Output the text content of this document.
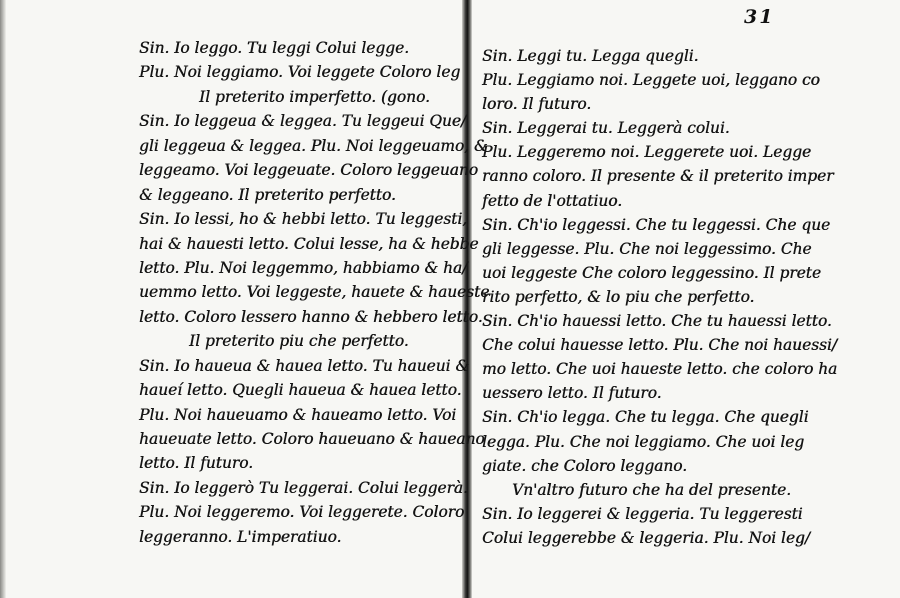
31
Sin. Io leggo. Tu leggi Colui legge.
Plu. Noi leggiamo. Voi leggete Coloro leg
Il preterito imperfetto. (gono.
Sin. Io leggeua & leggea. Tu leggeui Que/
gli leggeua & leggea. Plu. Noi leggeuamo, &
leggeamo. Voi leggeuate. Coloro leggeuano
& leggeano. Il preterito perfetto.
Sin. Io lessi, ho & hebbi letto. Tu leggesti,
hai & hauesti letto. Colui lesse, ha & hebbe
letto. Plu. Noi leggemmo, habbiamo & ha/
uemmo letto. Voi leggeste, hauete & haueste
letto. Coloro lessero hanno & hebbero letto.
Il preterito piu che perfetto.
Sin. Io haueua & hauea letto. Tu haueui &
haueí letto. Quegli haueua & hauea letto.
Plu. Noi haueuamo & haueamo letto. Voi
haueuate letto. Coloro haueuano & haueano
letto. Il futuro.
Sin. Io leggerò Tu leggerai. Colui leggerà.
Plu. Noi leggeremo. Voi leggerete. Coloro
leggeranno. L'imperatiuo.
Sin. Leggi tu. Legga quegli.
Plu. Leggiamo noi. Leggete uoi, leggano co
loro. Il futuro.
Sin. Leggerai tu. Leggerà colui.
Plu. Leggeremo noi. Leggerete uoi. Legge
ranno coloro. Il presente & il preterito imper
fetto de l'ottatiuo.
Sin. Ch'io leggessi. Che tu leggessi. Che que
gli leggesse. Plu. Che noi leggessimo. Che
uoi leggeste Che coloro leggessino. Il prete
rito perfetto, & lo piu che perfetto.
Sin. Ch'io hauessi letto. Che tu hauessi letto.
Che colui hauesse letto. Plu. Che noi hauessi/
mo letto. Che uoi haueste letto. che coloro ha
uessero letto. Il futuro.
Sin. Ch'io legga. Che tu legga. Che quegli
legga. Plu. Che noi leggiamo. Che uoi leg
giate. che Coloro leggano.
Vn'altro futuro che ha del presente.
Sin. Io leggerei & leggeria. Tu leggeresti
Colui leggerebbe & leggeria. Plu. Noi leg/
